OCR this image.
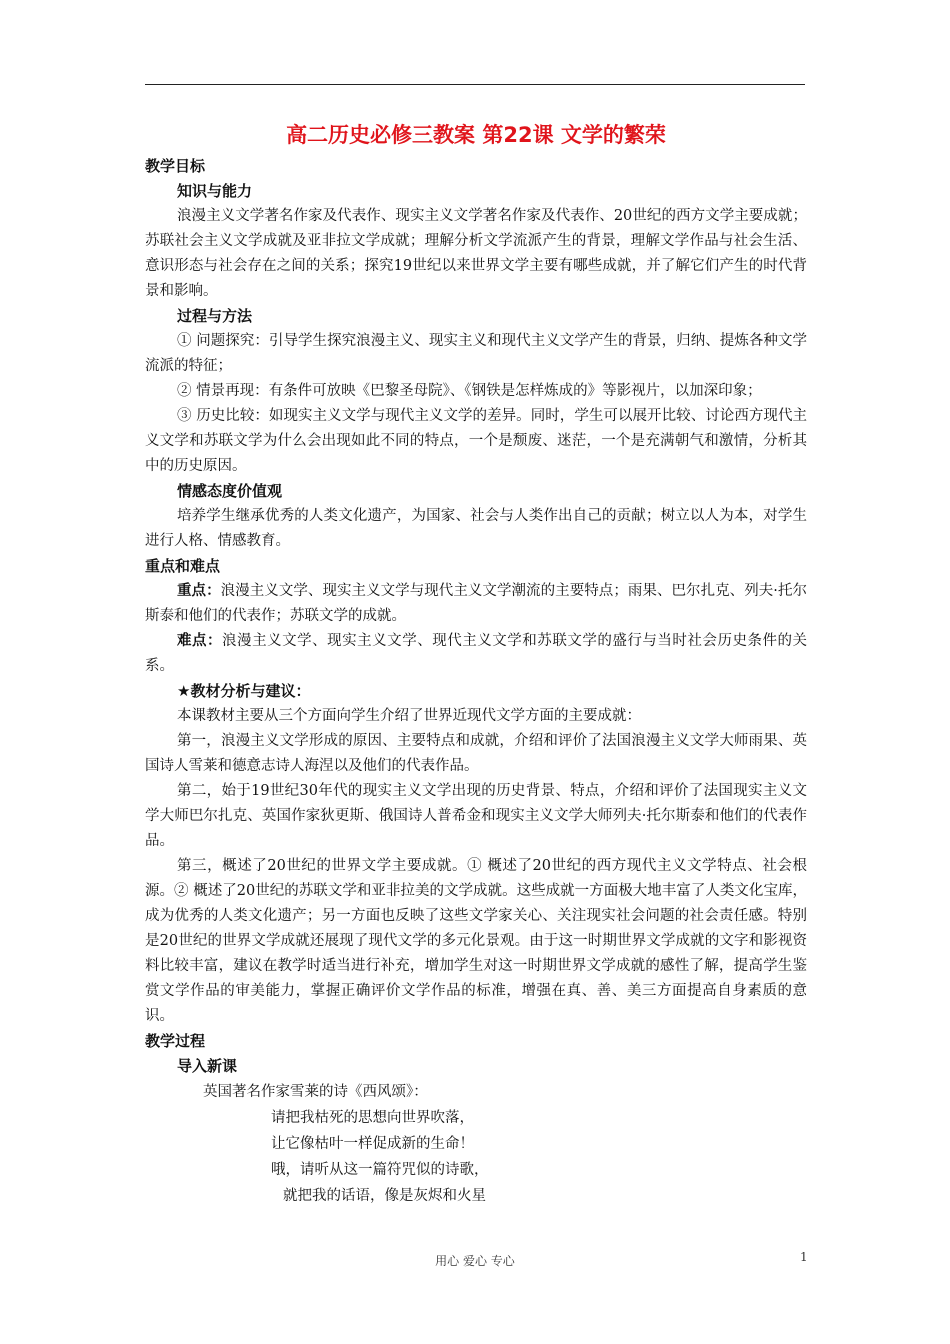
高二历史必修三教案 第22课 文学的繁荣
教学目标
知识与能力

浪漫主义文学著名作家及代表作、现实主义文学著名作家及代表作、20世纪的西方文学主要成就；苏联社会主义文学成就及亚非拉文学成就；理解分析文学流派产生的背景，理解文学作品与社会生活、意识形态与社会存在之间的关系；探究19世纪以来世界文学主要有哪些成就，并了解它们产生的时代背景和影响。

过程与方法

① 问题探究：引导学生探究浪漫主义、现实主义和现代主义文学产生的背景，归纳、提炼各种文学流派的特征；

② 情景再现：有条件可放映《巴黎圣母院》、《钢铁是怎样炼成的》等影视片，以加深印象；

③ 历史比较：如现实主义文学与现代主义文学的差异。同时，学生可以展开比较、讨论西方现代主义文学和苏联文学为什么会出现如此不同的特点，一个是颓废、迷茫，一个是充满朝气和激情，分析其中的历史原因。

情感态度价值观

培养学生继承优秀的人类文化遗产，为国家、社会与人类作出自己的贡献；树立以人为本，对学生进行人格、情感教育。

重点和难点

重点：浪漫主义文学、现实主义文学与现代主义文学潮流的主要特点；雨果、巴尔扎克、列夫·托尔斯泰和他们的代表作；苏联文学的成就。

难点：浪漫主义文学、现实主义文学、现代主义文学和苏联文学的盛行与当时社会历史条件的关系。

★教材分析与建议：

本课教材主要从三个方面向学生介绍了世界近现代文学方面的主要成就：

第一，浪漫主义文学形成的原因、主要特点和成就，介绍和评价了法国浪漫主义文学大师雨果、英国诗人雪莱和德意志诗人海涅以及他们的代表作品。

第二，始于19世纪30年代的现实主义文学出现的历史背景、特点，介绍和评价了法国现实主义文学大师巴尔扎克、英国作家狄更斯、俄国诗人普希金和现实主义文学大师列夫·托尔斯泰和他们的代表作品。

第三，概述了20世纪的世界文学主要成就。① 概述了20世纪的西方现代主义文学特点、社会根源。② 概述了20世纪的苏联文学和亚非拉美的文学成就。这些成就一方面极大地丰富了人类文化宝库，成为优秀的人类文化遗产；另一方面也反映了这些文学家关心、关注现实社会问题的社会责任感。特别是20世纪的世界文学成就还展现了现代文学的多元化景观。由于这一时期世界文学成就的文字和影视资料比较丰富，建议在教学时适当进行补充，增加学生对这一时期世界文学成就的感性了解，提高学生鉴赏文学作品的审美能力，掌握正确评价文学作品的标准，增强在真、善、美三方面提高自身素质的意识。

教学过程
导入新课
英国著名作家雪莱的诗《西风颂》：
请把我枯死的思想向世界吹落，
让它像枯叶一样促成新的生命！
哦，请听从这一篇符咒似的诗歌，
就把我的话语，像是灰烬和火星
用心 爱心 专心	1
